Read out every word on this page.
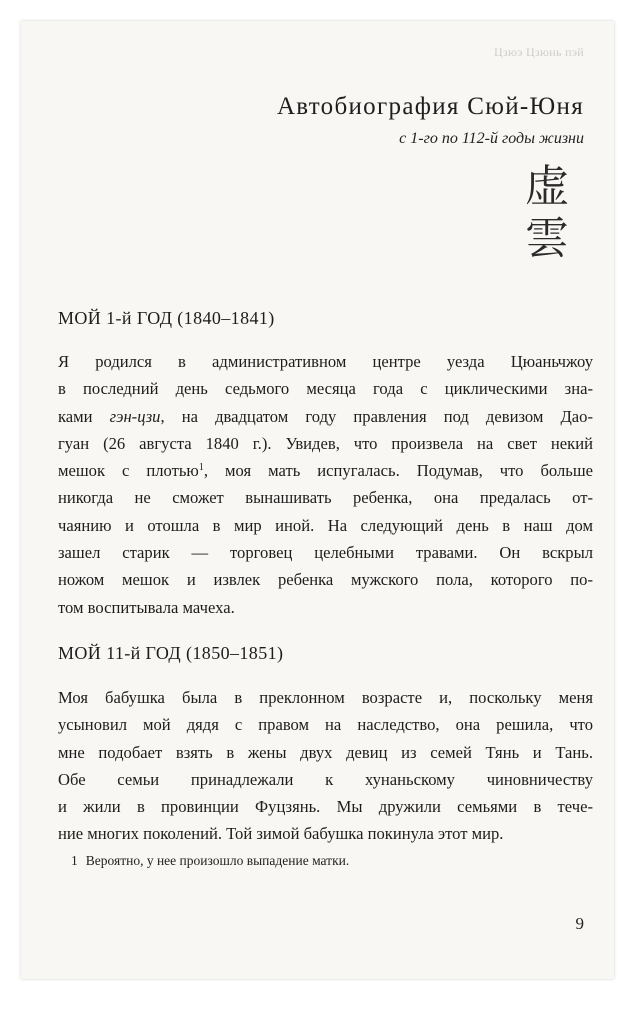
Цзюэ Цзюнь пэй
Автобиография Сюй-Юня
с 1-го по 112-й годы жизни
虚
雲
МОЙ 1-й ГОД (1840–1841)
Я родился в административном центре уезда Цюаньчжоу
в последний день седьмого месяца года с циклическими зна-
ками гэн-цзи, на двадцатом году правления под девизом Дао-
гуан (26 августа 1840 г.). Увидев, что произвела на свет некий
мешок с плотью$^1$, моя мать испугалась. Подумав, что больше
никогда не сможет вынашивать ребенка, она предалась от-
чаянию и отошла в мир иной. На следующий день в наш дом
зашел старик — торговец целебными травами. Он вскрыл
ножом мешок и извлек ребенка мужского пола, которого по-
том воспитывала мачеха.
МОЙ 11-й ГОД (1850–1851)
Моя бабушка была в преклонном возрасте и, поскольку меня
усыновил мой дядя с правом на наследство, она решила, что
мне подобает взять в жены двух девиц из семей Тянь и Тань.
Обе семьи принадлежали к хунаньскому чиновничеству
и жили в провинции Фуцзянь. Мы дружили семьями в тече-
ние многих поколений. Той зимой бабушка покинула этот мир.
1 Вероятно, у нее произошло выпадение матки.
9
